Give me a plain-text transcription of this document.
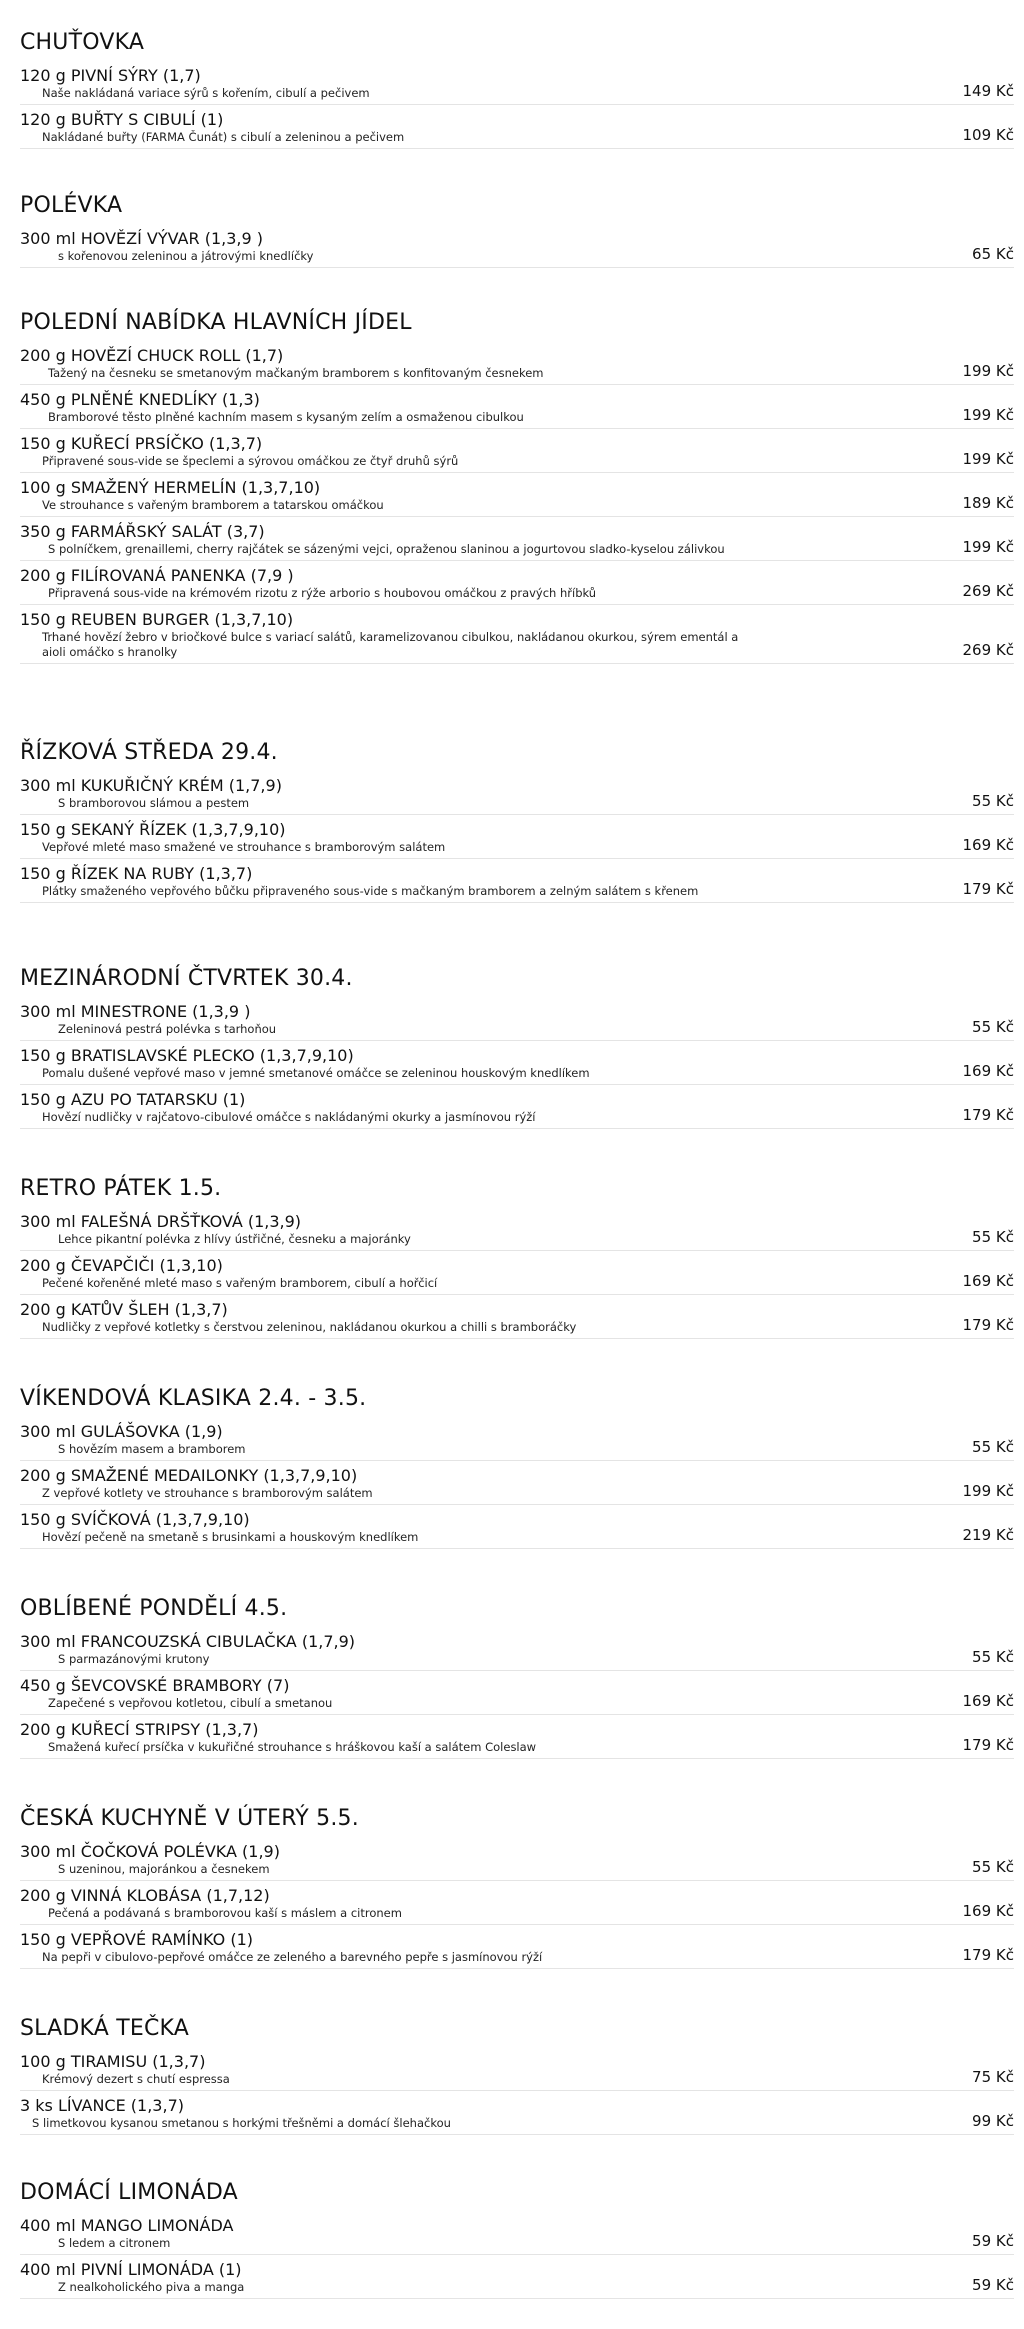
CHUŤOVKA
120 g PIVNÍ SÝRY (1,7)
Naše nakládaná variace sýrů s kořením, cibulí a pečivem	149 Kč
120 g BUŘTY S CIBULÍ (1)
Nakládané buřty (FARMA Čunát) s cibulí a zeleninou a pečivem	109 Kč
POLÉVKA
300 ml HOVĚZÍ VÝVAR (1,3,9 )
s kořenovou zeleninou a játrovými knedlíčky	65 Kč
POLEDNÍ NABÍDKA HLAVNÍCH JÍDEL
200 g HOVĚZÍ CHUCK ROLL (1,7)
Tažený na česneku se smetanovým mačkaným bramborem s konfitovaným česnekem	199 Kč
450 g PLNĚNÉ KNEDLÍKY (1,3)
Bramborové těsto plněné kachním masem s kysaným zelím a osmaženou cibulkou	199 Kč
150 g KUŘECÍ PRSÍČKO (1,3,7)
Připravené sous-vide se špeclemi a sýrovou omáčkou ze čtyř druhů sýrů	199 Kč
100 g SMAŽENÝ HERMELÍN (1,3,7,10)
Ve strouhance s vařeným bramborem a tatarskou omáčkou	189 Kč
350 g FARMÁŘSKÝ SALÁT (3,7)
S polníčkem, grenaillemi, cherry rajčátek se sázenými vejci, opraženou slaninou a jogurtovou sladko-kyselou zálivkou	199 Kč
200 g FILÍROVANÁ PANENKA (7,9 )
Připravená sous-vide na krémovém rizotu z rýže arborio s houbovou omáčkou z pravých hříbků	269 Kč
150 g REUBEN BURGER (1,3,7,10)
Trhané hovězí žebro v briočkové bulce s variací salátů, karamelizovanou cibulkou, nakládanou okurkou, sýrem ementál a aioli omáčko s hranolky	269 Kč
ŘÍZKOVÁ STŘEDA 29.4.
300 ml KUKUŘIČNÝ KRÉM (1,7,9)
S bramborovou slámou a pestem	55 Kč
150 g SEKANÝ ŘÍZEK (1,3,7,9,10)
Vepřové mleté maso smažené ve strouhance s bramborovým salátem	169 Kč
150 g ŘÍZEK NA RUBY (1,3,7)
Plátky smaženého vepřového bůčku připraveného sous-vide s mačkaným bramborem a zelným salátem s křenem	179 Kč
MEZINÁRODNÍ ČTVRTEK 30.4.
300 ml MINESTRONE (1,3,9 )
Zeleninová pestrá polévka s tarhoňou	55 Kč
150 g BRATISLAVSKÉ PLECKO (1,3,7,9,10)
Pomalu dušené vepřové maso v jemné smetanové omáčce se zeleninou houskovým knedlíkem	169 Kč
150 g AZU PO TATARSKU (1)
Hovězí nudličky v rajčatovo-cibulové omáčce s nakládanými okurky a jasmínovou rýží	179 Kč
RETRO PÁTEK 1.5.
300 ml FALEŠNÁ DRŠŤKOVÁ (1,3,9)
Lehce pikantní polévka z hlívy ústřičné, česneku a majoránky	55 Kč
200 g ČEVAPČIČI (1,3,10)
Pečené kořeněné mleté maso s vařeným bramborem, cibulí a hořčicí	169 Kč
200 g KATŮV ŠLEH (1,3,7)
Nudličky z vepřové kotletky s čerstvou zeleninou, nakládanou okurkou a chilli s bramboráčky	179 Kč
VÍKENDOVÁ KLASIKA 2.4. - 3.5.
300 ml GULÁŠOVKA (1,9)
S hovězím masem a bramborem	55 Kč
200 g SMAŽENÉ MEDAILONKY (1,3,7,9,10)
Z vepřové kotlety ve strouhance s bramborovým salátem	199 Kč
150 g SVÍČKOVÁ (1,3,7,9,10)
Hovězí pečeně na smetaně s brusinkami a houskovým knedlíkem	219 Kč
OBLÍBENÉ PONDĚLÍ 4.5.
300 ml FRANCOUZSKÁ CIBULAČKA (1,7,9)
S parmazánovými krutony	55 Kč
450 g ŠEVCOVSKÉ BRAMBORY (7)
Zapečené s vepřovou kotletou, cibulí a smetanou	169 Kč
200 g KUŘECÍ STRIPSY (1,3,7)
Smažená kuřecí prsíčka v kukuřičné strouhance s hráškovou kaší a salátem Coleslaw	179 Kč
ČESKÁ KUCHYNĚ V ÚTERÝ 5.5.
300 ml ČOČKOVÁ POLÉVKA (1,9)
S uzeninou, majoránkou a česnekem	55 Kč
200 g VINNÁ KLOBÁSA (1,7,12)
Pečená a podávaná s bramborovou kaší s máslem a citronem	169 Kč
150 g VEPŘOVÉ RAMÍNKO (1)
Na pepři v cibulovo-pepřové omáčce ze zeleného a barevného pepře s jasmínovou rýží	179 Kč
SLADKÁ TEČKA
100 g TIRAMISU (1,3,7)
Krémový dezert s chutí espressa	75 Kč
3 ks LÍVANCE (1,3,7)
S limetkovou kysanou smetanou s horkými třešněmi a domácí šlehačkou	99 Kč
DOMÁCÍ LIMONÁDA
400 ml MANGO LIMONÁDA
S ledem a citronem	59 Kč
400 ml PIVNÍ LIMONÁDA (1)
Z nealkoholického piva a manga	59 Kč
